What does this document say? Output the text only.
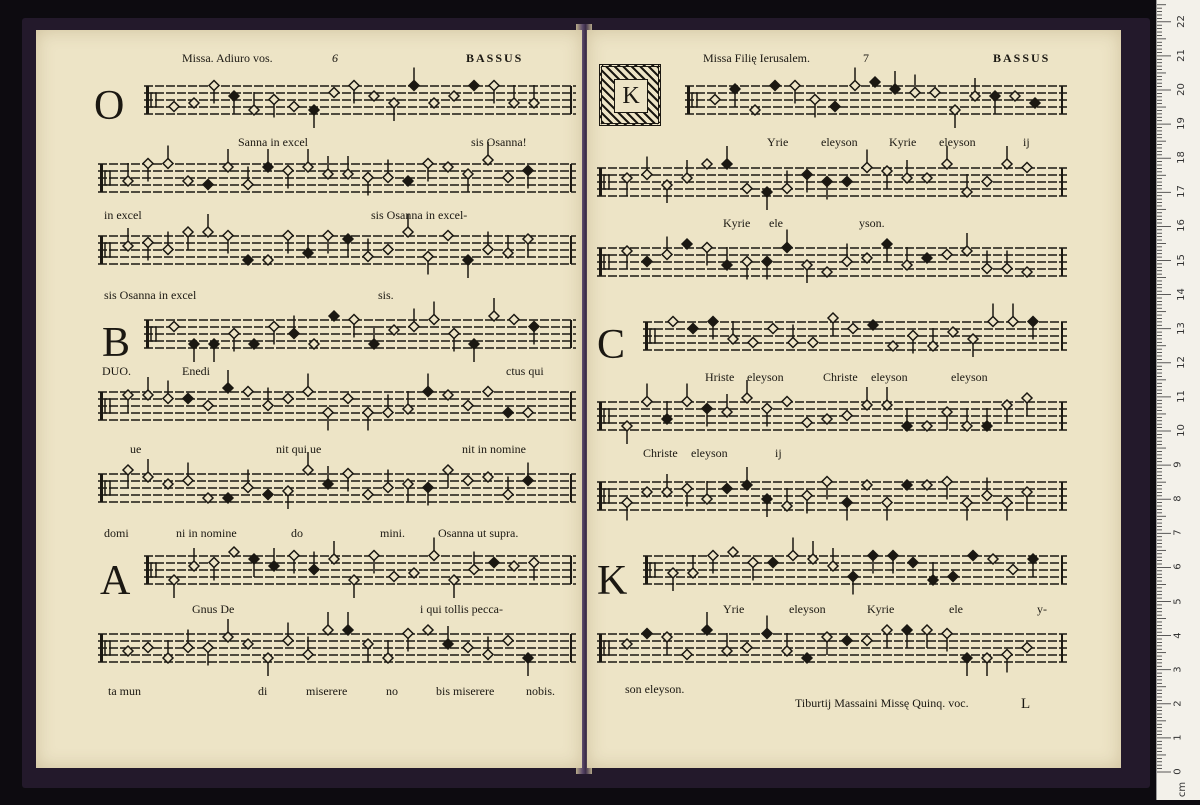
Missa. Adiuro vos.	6	BASSUS
O
Sanna in excel	sis Osanna!
in excel	sis Osanna in excel-
sis Osanna in excel	sis.
B
DUO.	Enedi	ctus qui
ue	nit qui ue	nit in nomine
domi	ni in nomine	do	mini.	Osanna ut supra.
A
Gnus De	i qui tollis pecca-
ta mun	di	miserere	no	bis miserere	nobis.
Missa Filię Ierusalem.	7	BASSUS
K
Yrie	eleyson	Kyrie eleyson	ij
Kyrie ele	yson.
C
Hriste eleyson	Christe eleyson	eleyson
Christe eleyson	ij
K
Yrie	eleyson	Kyrie	ele	y-
son eleyson.
Tiburtij Massaini Missę Quinq. voc.	L
0
1
2
3
4
5
6
7
8
9
10
11
12
13
14
15
16
17
18
19
20
21
22
cm
